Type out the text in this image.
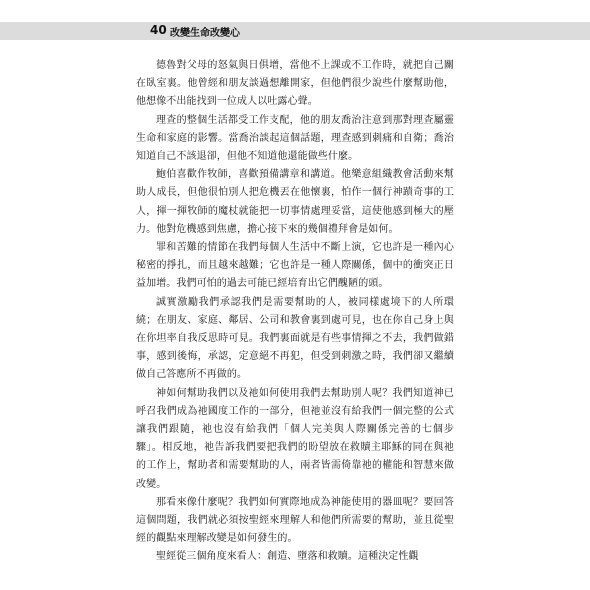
40 改變生命改變心

德魯對父母的怒氣與日俱增，當他不上課或不工作時，就把自己關在臥室裏。他曾經和朋友談過想離開家，但他們很少說些什麼幫助他，他想像不出能找到一位成人以吐露心聲。

理查的整個生活都受工作支配，他的朋友喬治注意到那對理查屬靈生命和家庭的影響。當喬治談起這個話題，理查感到刺痛和自衛；喬治知道自己不該退卻，但他不知道他還能做些什麼。

鮑伯喜歡作牧師，喜歡預備講章和講道。他樂意組織教會活動來幫助人成長，但他很怕別人把危機丟在他懷裏，怕作一個行神蹟奇事的工人，揮一揮牧師的魔杖就能把一切事情處理妥當，這使他感到極大的壓力。他對危機感到焦慮，擔心接下來的幾個禮拜會是如何。

罪和苦難的情節在我們每個人生活中不斷上演，它也許是一種內心秘密的掙扎，而且越來越難；它也許是一種人際關係，個中的衝突正日益加增。我們可怕的過去可能已經培育出它們醜陋的頭。

誠實激勵我們承認我們是需要幫助的人，被同樣處境下的人所環繞；在朋友、家庭、鄰居、公司和教會裏到處可見，也在你自己身上與在你坦率自我反思時可見。我們裏面就是有些事情揮之不去，我們做錯事，感到後悔，承認，定意絕不再犯，但受到刺激之時，我們卻又繼續做自己答應所不再做的。

神如何幫助我們以及祂如何使用我們去幫助別人呢？我們知道神已呼召我們成為祂國度工作的一部分，但祂並沒有給我們一個完整的公式讓我們跟隨，祂也沒有給我們「個人完美與人際關係完善的七個步驟」。相反地，祂告訴我們要把我們的盼望放在救贖主耶穌的同在與祂的工作上，幫助者和需要幫助的人，兩者皆需倚靠祂的權能和智慧來做改變。

那看來像什麼呢？我們如何實際地成為神能使用的器皿呢？要回答這個問題，我們就必須按聖經來理解人和他們所需要的幫助，並且從聖經的觀點來理解改變是如何發生的。

聖經從三個角度來看人：創造、墮落和救贖。這種決定性觀
